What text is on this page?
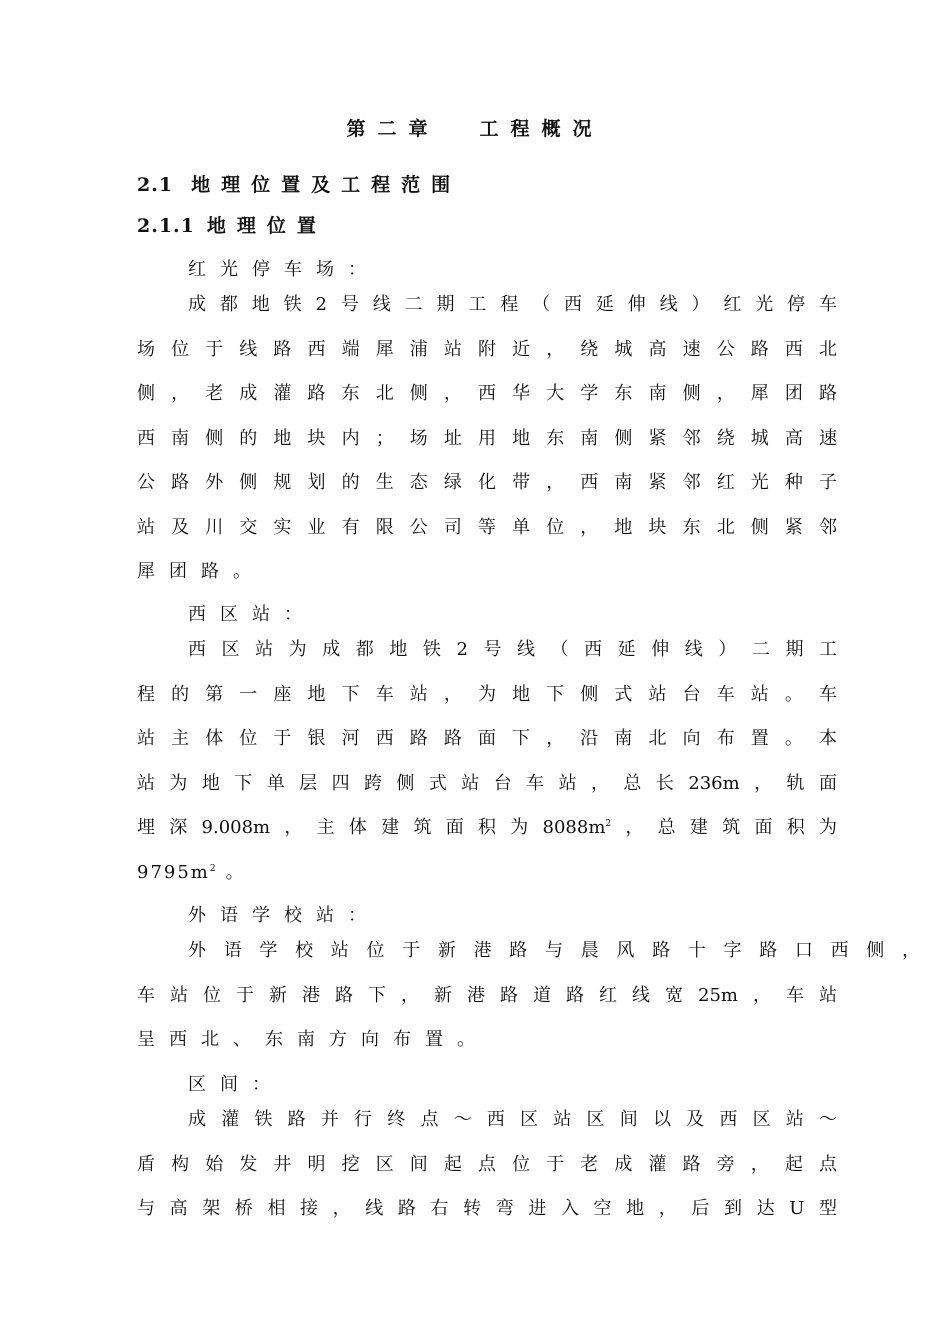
第二章 工程概况
2.1 地理位置及工程范围
2.1.1 地理位置
红光停车场：
成都地铁2号线二期工程（西延伸线）红光停车
场位于线路西端犀浦站附近，绕城高速公路西北
侧，老成灌路东北侧，西华大学东南侧，犀团路
西南侧的地块内；场址用地东南侧紧邻绕城高速
公路外侧规划的生态绿化带，西南紧邻红光种子
站及川交实业有限公司等单位，地块东北侧紧邻
犀团路。
西区站：
西区站为成都地铁2号线（西延伸线）二期工
程的第一座地下车站，为地下侧式站台车站。车
站主体位于银河西路路面下，沿南北向布置。本
站为地下单层四跨侧式站台车站，总长236m，轨面
埋深9.008m，主体建筑面积为$8088m^2$，总建筑面积为
$9795m^2$ 。
外语学校站：
外语学校站位于新港路与晨风路十字路口西侧，
车站位于新港路下，新港路道路红线宽25m，车站
呈西北、东南方向布置。
区间：
成灌铁路并行终点～西区站区间以及西区站～
盾构始发井明挖区间起点位于老成灌路旁，起点
与高架桥相接，线路右转弯进入空地，后到达U型
